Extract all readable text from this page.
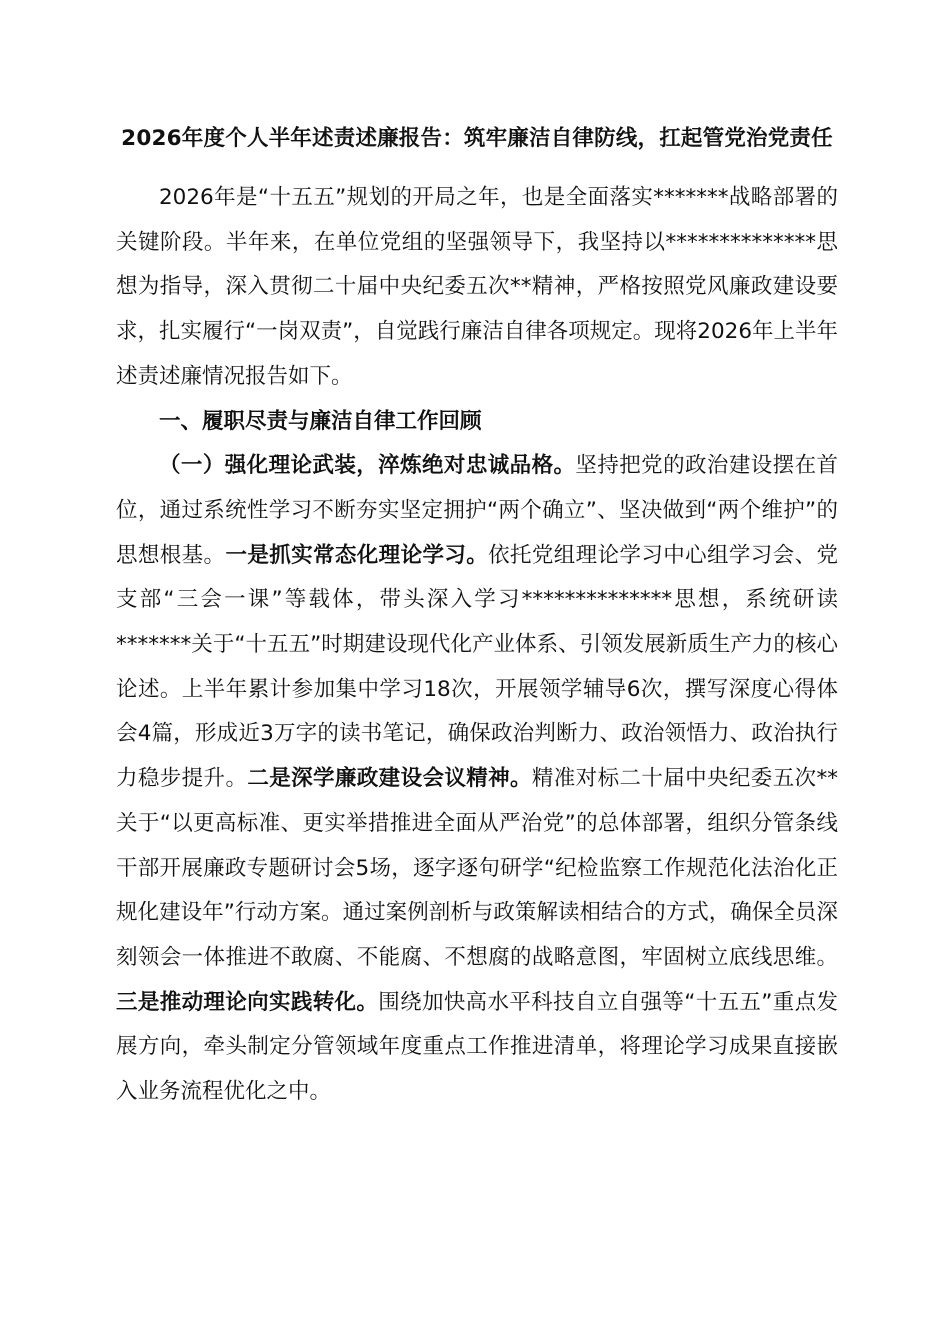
2026年度个人半年述责述廉报告：筑牢廉洁自律防线，扛起管党治党责任

2026年是“十五五”规划的开局之年，也是全面落实*******战略部署的关键阶段。半年来，在单位党组的坚强领导下，我坚持以**************思想为指导，深入贯彻二十届中央纪委五次**精神，严格按照党风廉政建设要求，扎实履行“一岗双责”，自觉践行廉洁自律各项规定。现将2026年上半年述责述廉情况报告如下。

一、履职尽责与廉洁自律工作回顾

（一）强化理论武装，淬炼绝对忠诚品格。坚持把党的政治建设摆在首位，通过系统性学习不断夯实坚定拥护“两个确立”、坚决做到“两个维护”的思想根基。一是抓实常态化理论学习。依托党组理论学习中心组学习会、党支部“三会一课”等载体，带头深入学习**************思想，系统研读*******关于“十五五”时期建设现代化产业体系、引领发展新质生产力的核心论述。上半年累计参加集中学习18次，开展领学辅导6次，撰写深度心得体会4篇，形成近3万字的读书笔记，确保政治判断力、政治领悟力、政治执行力稳步提升。二是深学廉政建设会议精神。精准对标二十届中央纪委五次**关于“以更高标准、更实举措推进全面从严治党”的总体部署，组织分管条线干部开展廉政专题研讨会5场，逐字逐句研学“纪检监察工作规范化法治化正规化建设年”行动方案。通过案例剖析与政策解读相结合的方式，确保全员深刻领会一体推进不敢腐、不能腐、不想腐的战略意图，牢固树立底线思维。三是推动理论向实践转化。围绕加快高水平科技自立自强等“十五五”重点发展方向，牵头制定分管领域年度重点工作推进清单，将理论学习成果直接嵌入业务流程优化之中。
